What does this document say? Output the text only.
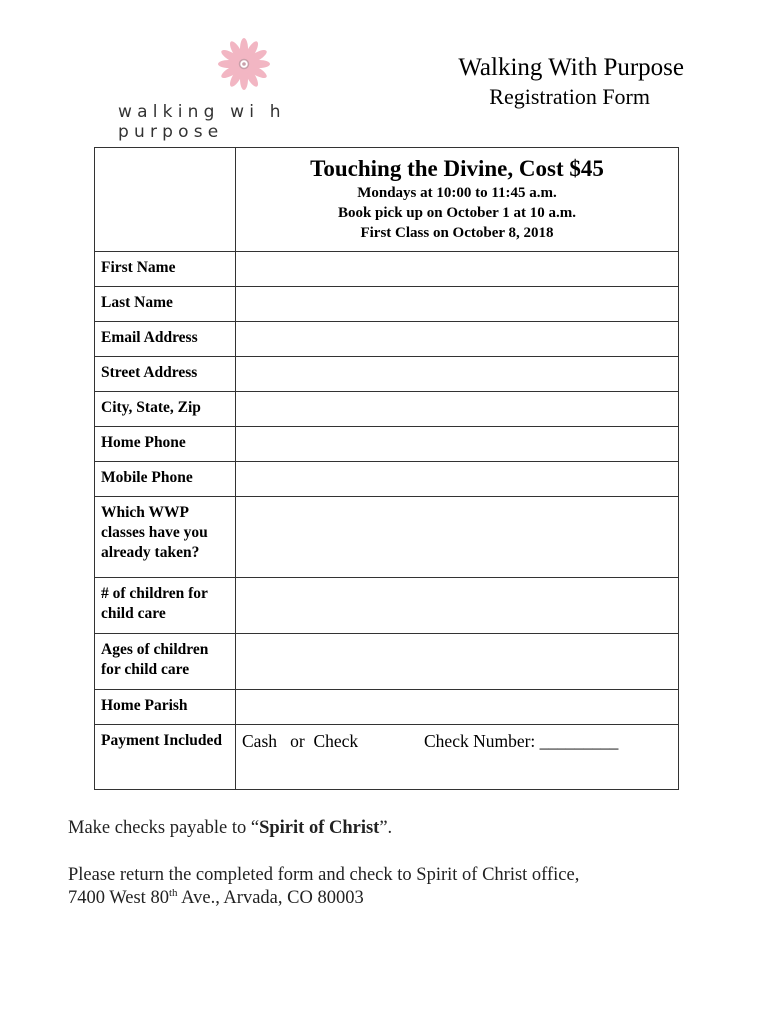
walking wi h purpose
Walking With Purpose
Registration Form

	Touching the Divine, Cost $45
Mondays at 10:00 to 11:45 a.m.
Book pick up on October 1 at 10 a.m.
First Class on October 8, 2018

First Name	
Last Name	
Email Address	
Street Address	
City, State, Zip	
Home Phone	
Mobile Phone	
Which WWP classes have you already taken?	
# of children for child care	
Ages of children for child care	
Home Parish	
Payment Included	Cash   or  Check Check Number: _________
Make checks payable to “Spirit of Christ”.
Please return the completed form and check to Spirit of Christ office,
7400 West 80th Ave., Arvada, CO 80003
